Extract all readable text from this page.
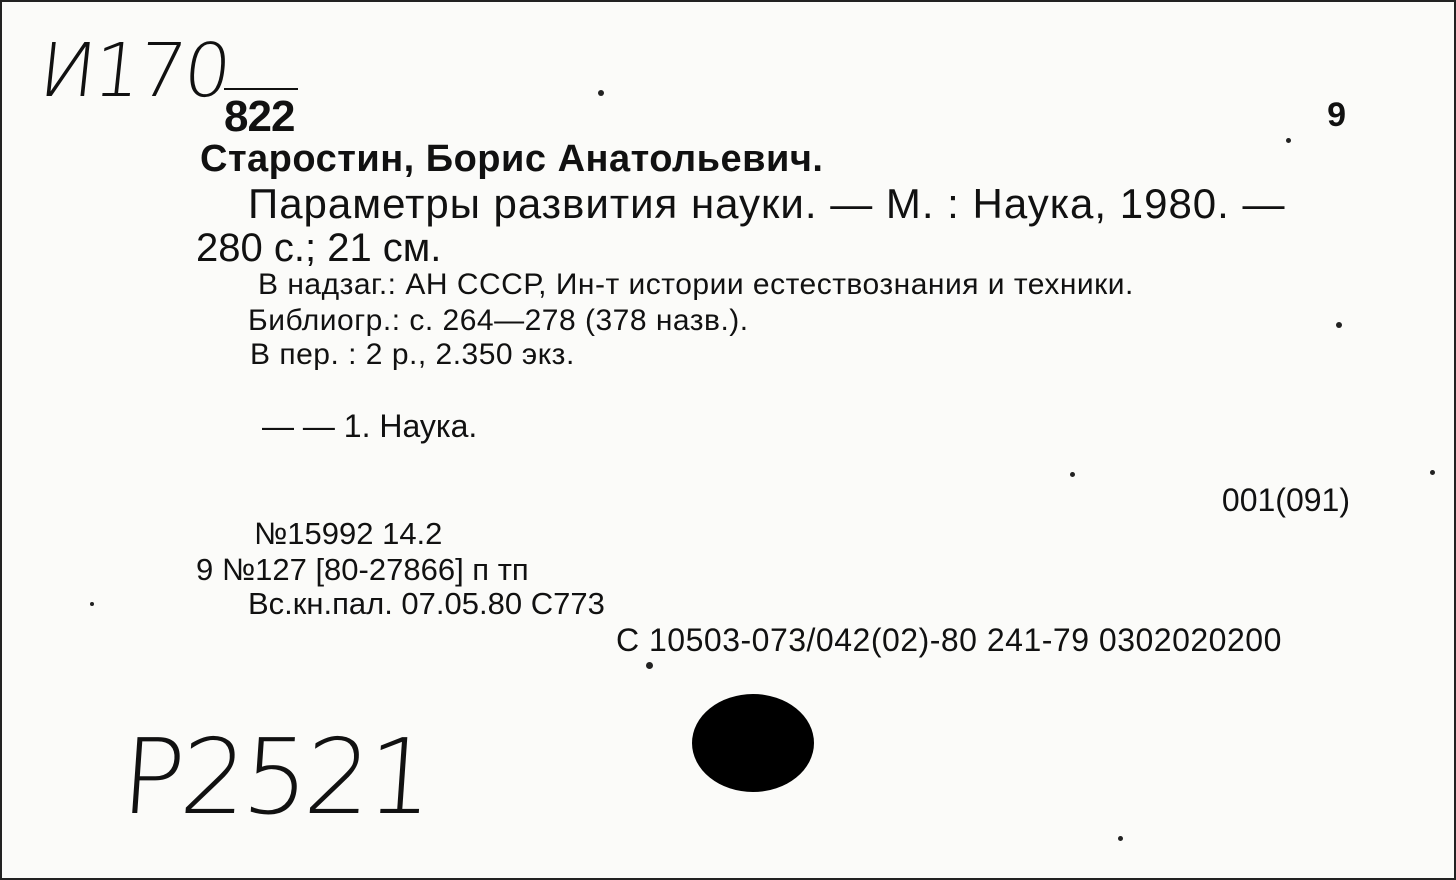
И170
822	9
Старостин, Борис Анатольевич.
Параметры развития науки. — М. : Наука, 1980. —
280 с.; 21 см.
В надзаг.: АН СССР, Ин-т истории естествознания и техники.
Библиогр.: с. 264—278 (378 назв.).
В пер. : 2 р., 2.350 экз.
— — 1. Наука.
001(091)
№15992 14.2
9 №127 [80-27866] п тп
Вс.кн.пал. 07.05.80 С773
С 10503-073/042(02)-80 241-79 0302020200
Р2521
